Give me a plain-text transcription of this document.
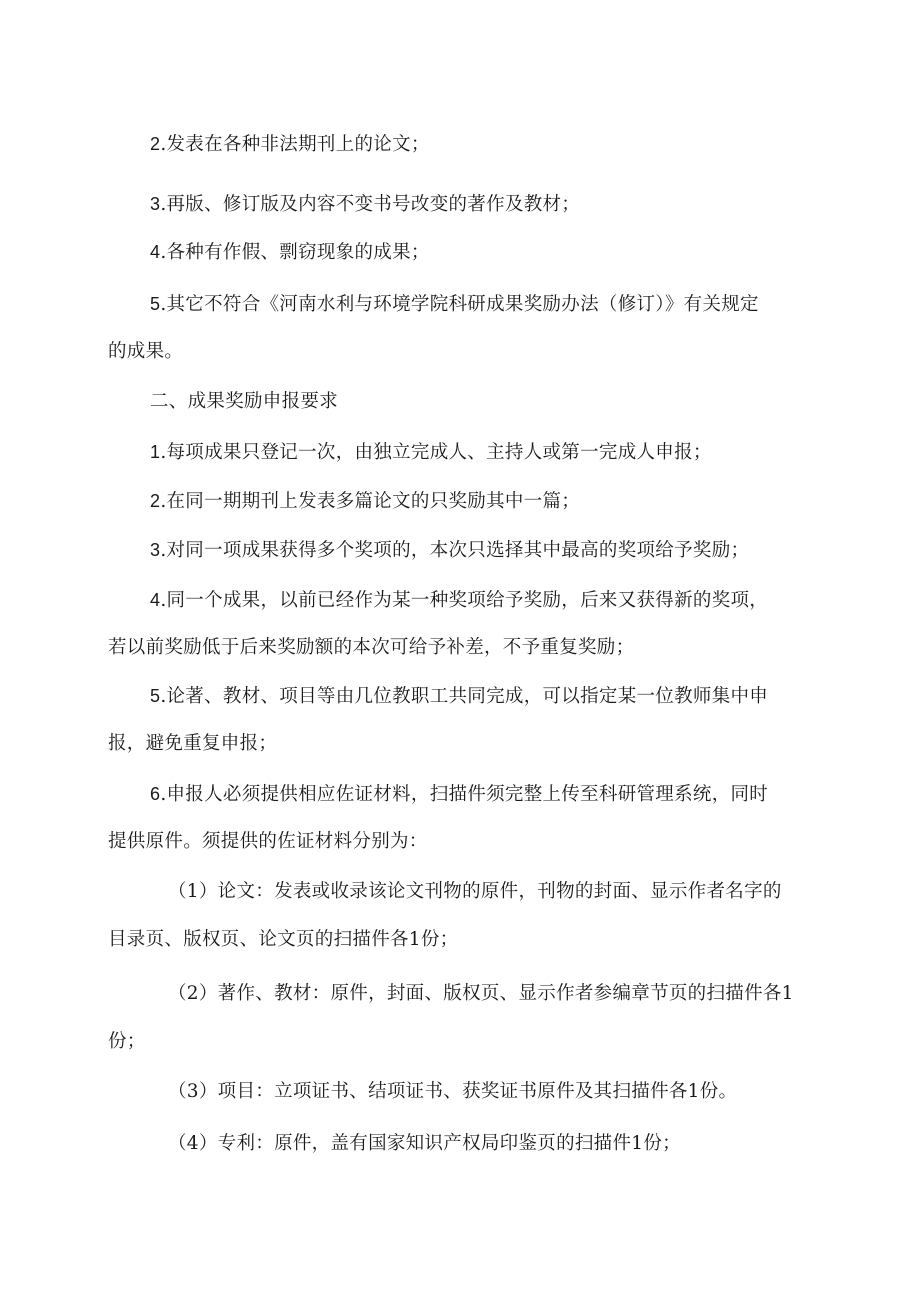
2.发表在各种非法期刊上的论文；
3.再版、修订版及内容不变书号改变的著作及教材；
4.各种有作假、剽窃现象的成果；
5.其它不符合《河南水利与环境学院科研成果奖励办法（修订）》有关规定
的成果。
二、成果奖励申报要求
1.每项成果只登记一次，由独立完成人、主持人或第一完成人申报；
2.在同一期期刊上发表多篇论文的只奖励其中一篇；
3.对同一项成果获得多个奖项的，本次只选择其中最高的奖项给予奖励；
4.同一个成果，以前已经作为某一种奖项给予奖励，后来又获得新的奖项，
若以前奖励低于后来奖励额的本次可给予补差，不予重复奖励；
5.论著、教材、项目等由几位教职工共同完成，可以指定某一位教师集中申
报，避免重复申报；
6.申报人必须提供相应佐证材料，扫描件须完整上传至科研管理系统，同时
提供原件。须提供的佐证材料分别为：
（1）论文：发表或收录该论文刊物的原件，刊物的封面、显示作者名字的
目录页、版权页、论文页的扫描件各1份；
（2）著作、教材：原件，封面、版权页、显示作者参编章节页的扫描件各1
份；
（3）项目：立项证书、结项证书、获奖证书原件及其扫描件各1份。
（4）专利：原件，盖有国家知识产权局印鉴页的扫描件1份；
